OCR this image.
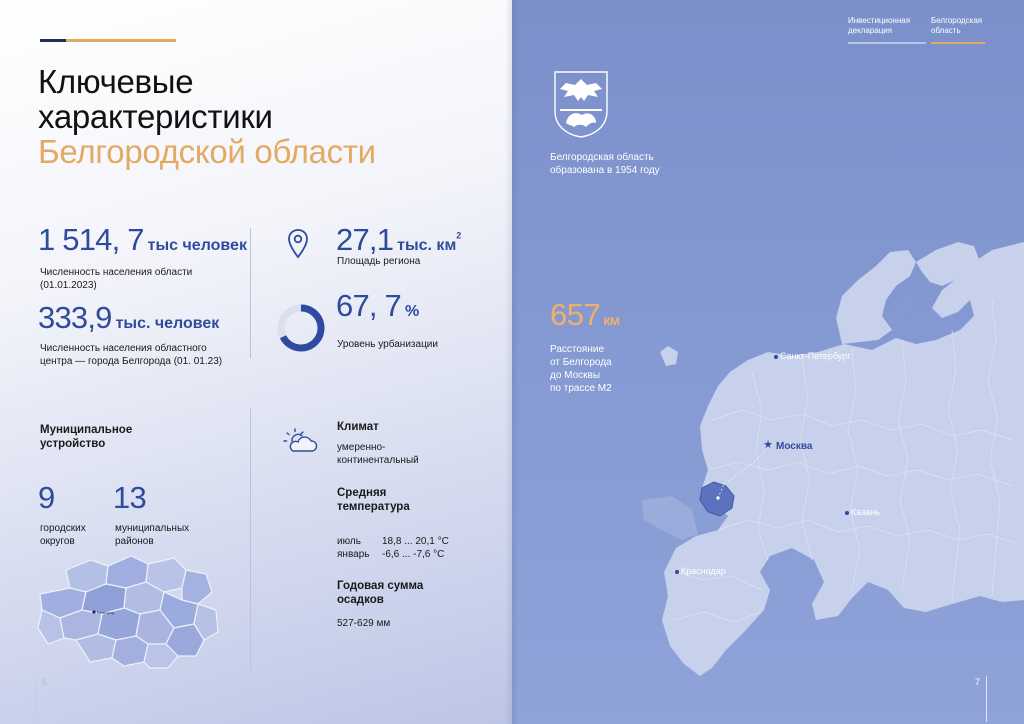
Ключевые
характеристики
Белгородской области
1 514, 7 тыс человек
Численность населения области
(01.01.2023)
333,9 тыс. человек
Численность населения областного
центра — города Белгорода (01. 01.23)
27,1 тыс. $км^2$
Площадь региона
67, 7 %
Уровень урбанизации
Муниципальное
устройство
9
городских
округов
13
муниципальных
районов
Белгород
Климат
умеренно-
континентальный
Средняя
температура
июль 18,8 ... 20,1 °C
январь -6,6 ... -7,6 °C
Годовая сумма
осадков
527-629 мм
6
★
Инвестиционная
декларация
Белгородская
область
Белгородская область
образована в 1954 году
657 км
Расстояние
от Белгорода
до Москвы
по трассе М2
Санкт-Петербург
Москва
Казань
Краснодар
7
